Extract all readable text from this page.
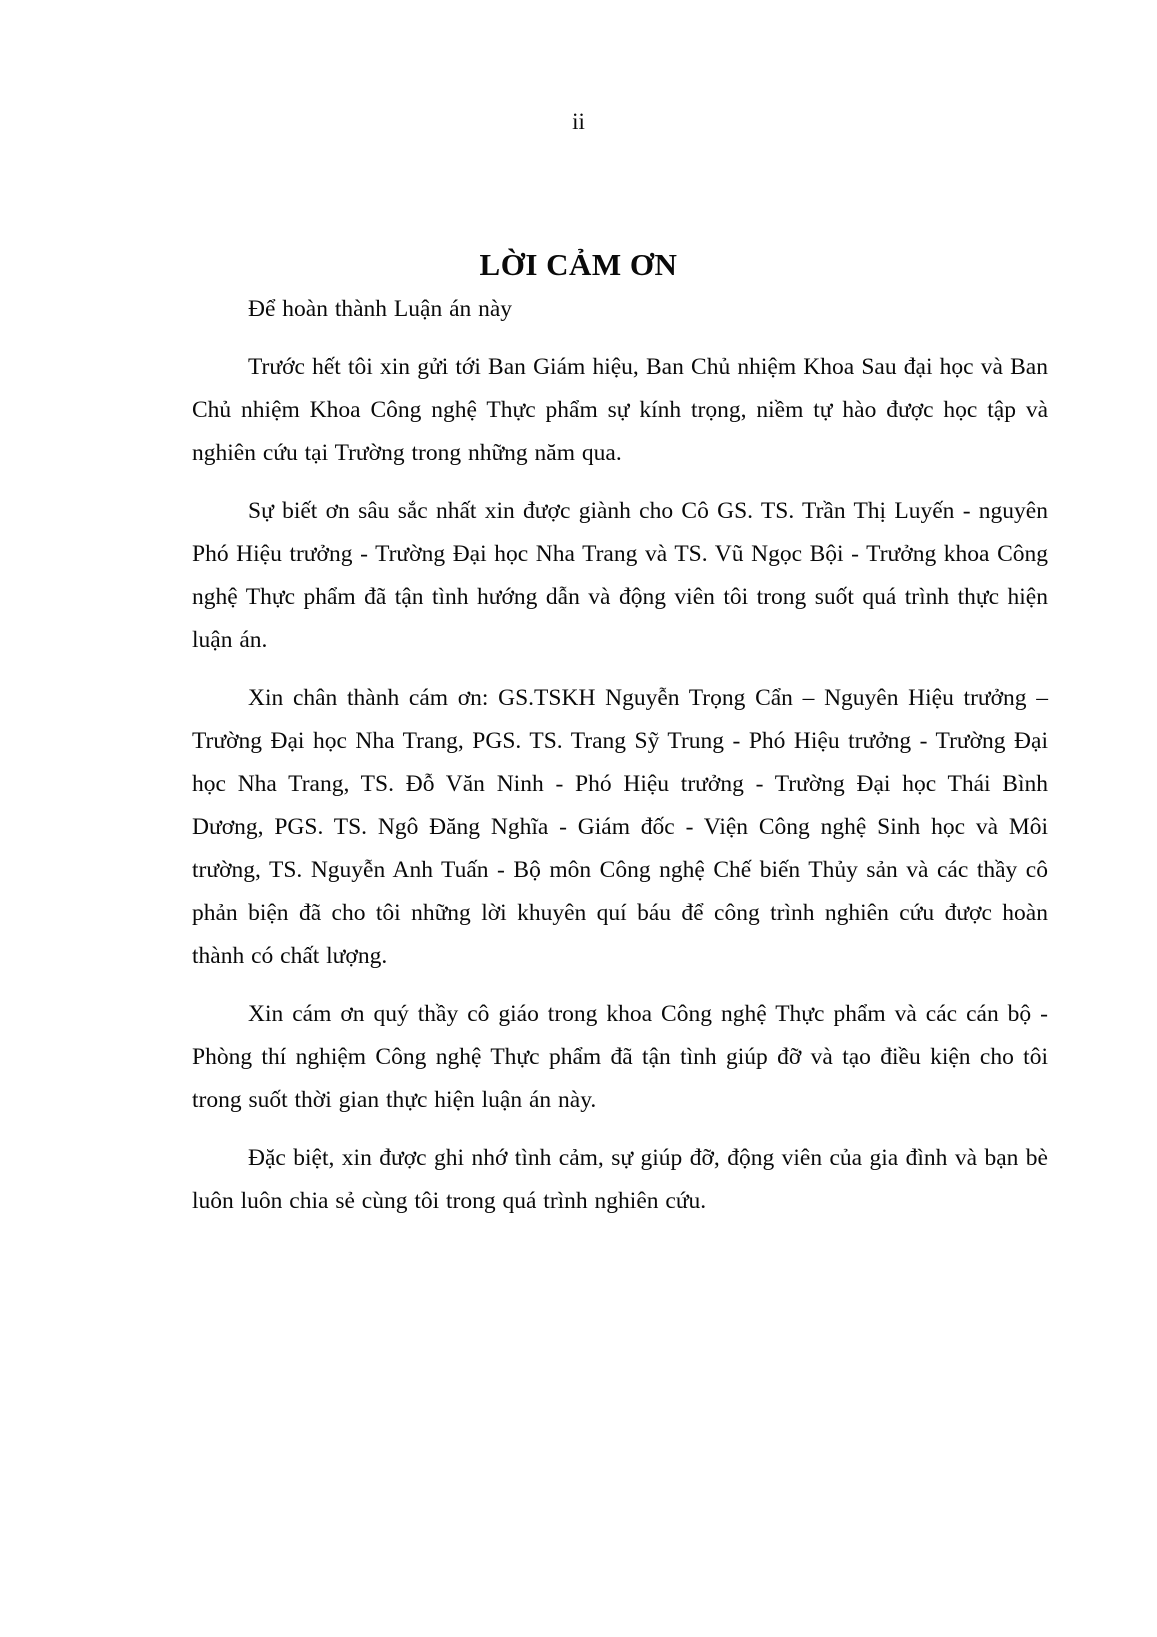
ii
LỜI CẢM ƠN

Để hoàn thành Luận án này

Trước hết tôi xin gửi tới Ban Giám hiệu, Ban Chủ nhiệm Khoa Sau đại học và Ban Chủ nhiệm Khoa Công nghệ Thực phẩm sự kính trọng, niềm tự hào được học tập và nghiên cứu tại Trường trong những năm qua.

Sự biết ơn sâu sắc nhất xin được giành cho Cô GS. TS. Trần Thị Luyến - nguyên Phó Hiệu trưởng - Trường Đại học Nha Trang và TS. Vũ Ngọc Bội - Trưởng khoa Công nghệ Thực phẩm đã tận tình hướng dẫn và động viên tôi trong suốt quá trình thực hiện luận án.

Xin chân thành cám ơn: GS.TSKH Nguyễn Trọng Cẩn – Nguyên Hiệu trưởng – Trường Đại học Nha Trang, PGS. TS. Trang Sỹ Trung - Phó Hiệu trưởng - Trường Đại học Nha Trang, TS. Đỗ Văn Ninh - Phó Hiệu trưởng - Trường Đại học Thái Bình Dương, PGS. TS. Ngô Đăng Nghĩa - Giám đốc - Viện Công nghệ Sinh học và Môi trường, TS. Nguyễn Anh Tuấn - Bộ môn Công nghệ Chế biến Thủy sản và các thầy cô phản biện đã cho tôi những lời khuyên quí báu để công trình nghiên cứu được hoàn thành có chất lượng.

Xin cám ơn quý thầy cô giáo trong khoa Công nghệ Thực phẩm và các cán bộ - Phòng thí nghiệm Công nghệ Thực phẩm đã tận tình giúp đỡ và tạo điều kiện cho tôi trong suốt thời gian thực hiện luận án này.

Đặc biệt, xin được ghi nhớ tình cảm, sự giúp đỡ, động viên của gia đình và bạn bè luôn luôn chia sẻ cùng tôi trong quá trình nghiên cứu.
